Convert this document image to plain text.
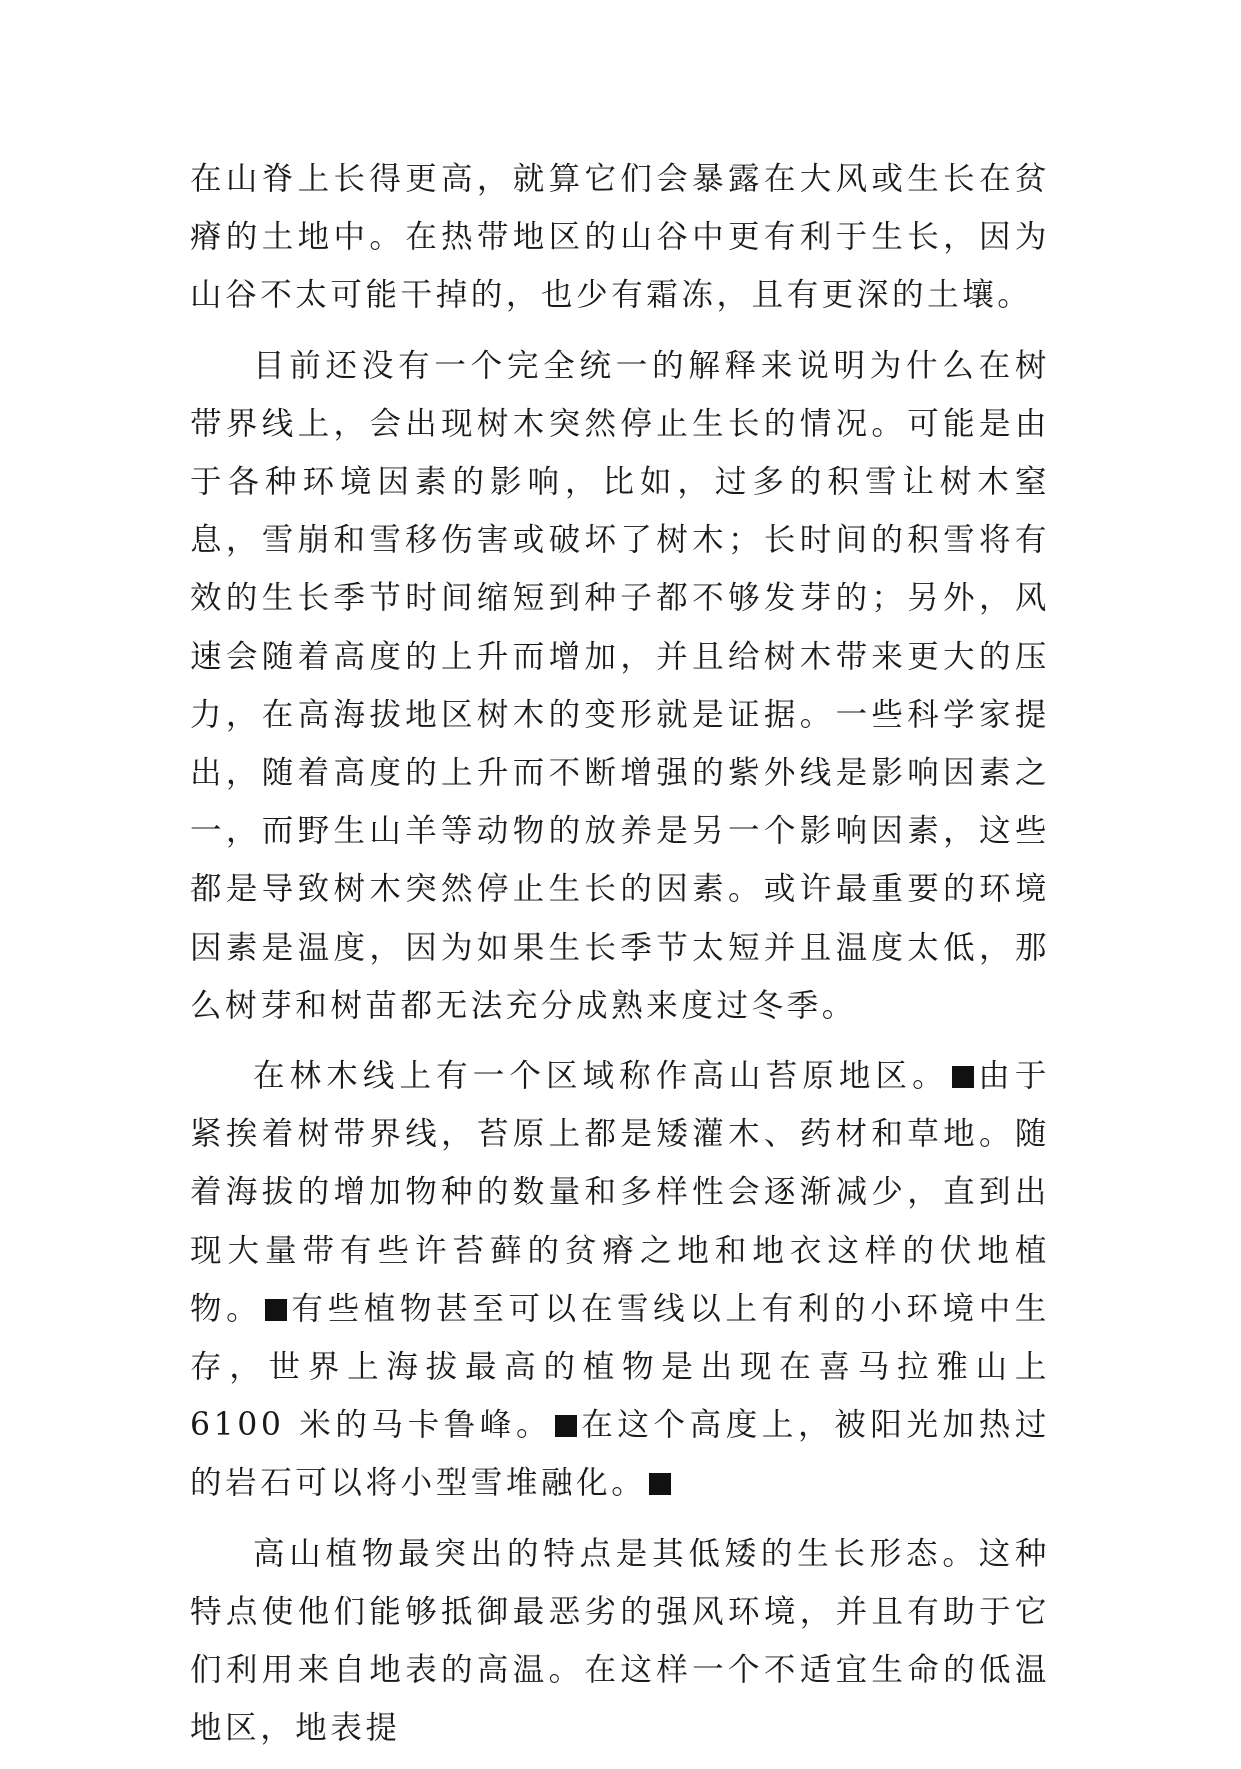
在山脊上长得更高，就算它们会暴露在大风或生长在贫瘠的土地中。在热带地区的山谷中更有利于生长，因为山谷不太可能干掉的，也少有霜冻，且有更深的土壤。

目前还没有一个完全统一的解释来说明为什么在树带界线上，会出现树木突然停止生长的情况。可能是由于各种环境因素的影响，比如，过多的积雪让树木窒息，雪崩和雪移伤害或破坏了树木；长时间的积雪将有效的生长季节时间缩短到种子都不够发芽的；另外，风速会随着高度的上升而增加，并且给树木带来更大的压力，在高海拔地区树木的变形就是证据。一些科学家提出，随着高度的上升而不断增强的紫外线是影响因素之一，而野生山羊等动物的放养是另一个影响因素，这些都是导致树木突然停止生长的因素。或许最重要的环境因素是温度，因为如果生长季节太短并且温度太低，那么树芽和树苗都无法充分成熟来度过冬季。

在林木线上有一个区域称作高山苔原地区。 由于紧挨着树带界线，苔原上都是矮灌木、药材和草地。随着海拔的增加物种的数量和多样性会逐渐减少，直到出现大量带有些许苔藓的贫瘠之地和地衣这样的伏地植物。 有些植物甚至可以在雪线以上有利的小环境中生存，世界上海拔最高的植物是出现在喜马拉雅山上 6100 米的马卡鲁峰。 在这个高度上，被阳光加热过的岩石可以将小型雪堆融化。

高山植物最突出的特点是其低矮的生长形态。这种特点使他们能够抵御最恶劣的强风环境，并且有助于它们利用来自地表的高温。在这样一个不适宜生命的低温地区，地表提
